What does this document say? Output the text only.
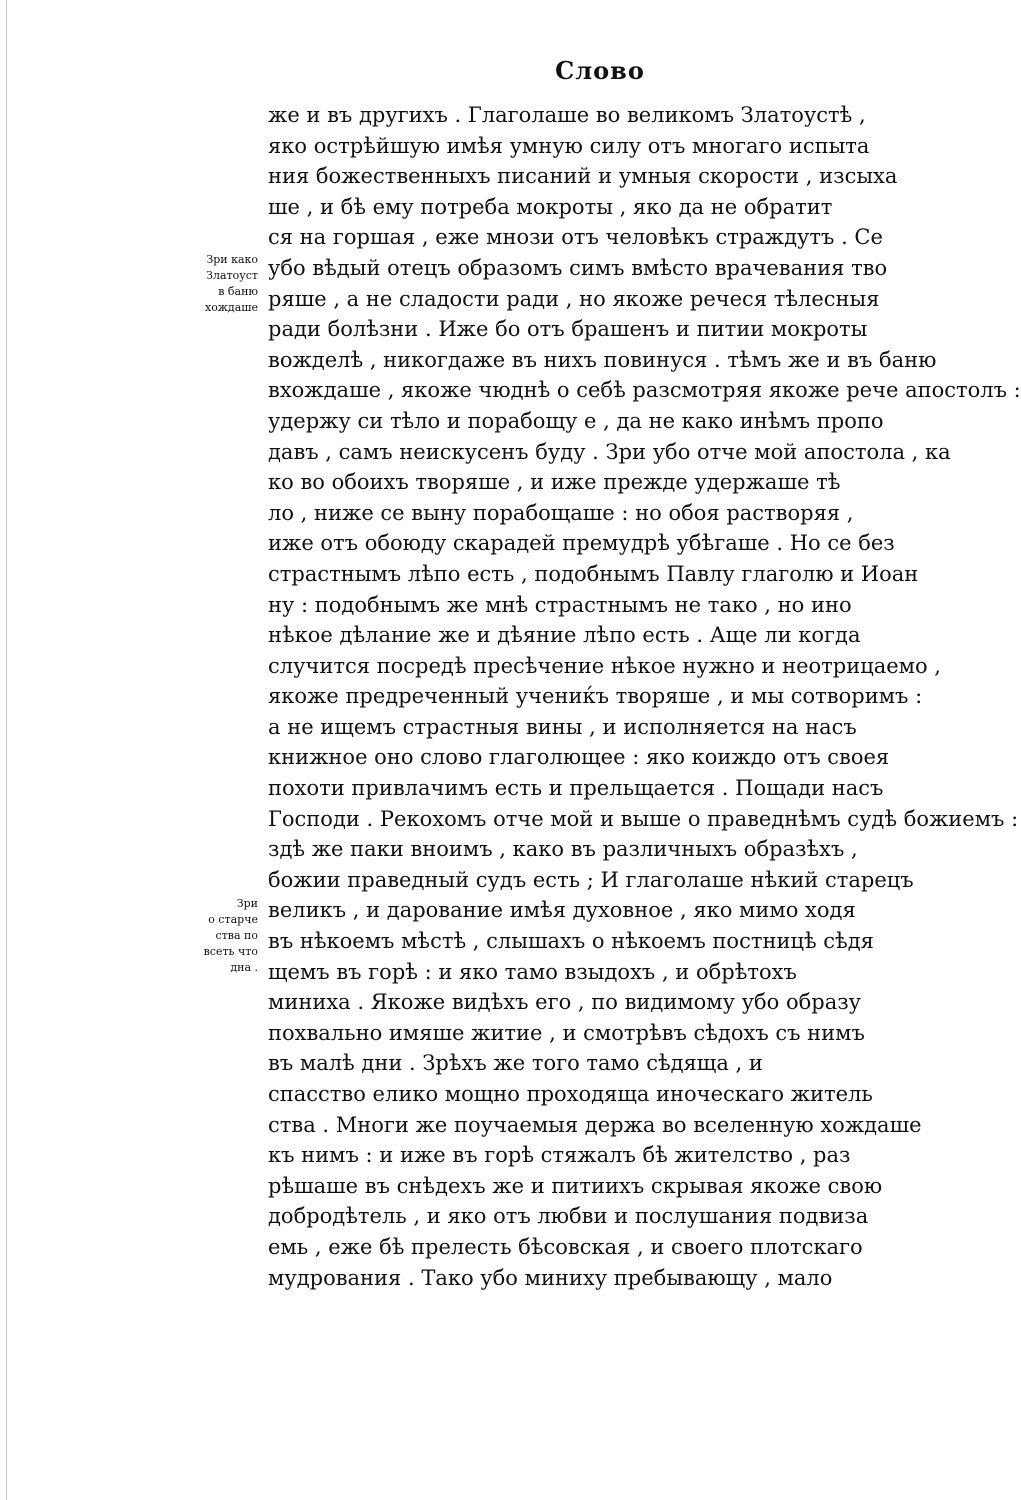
Слово
Зри како
Златоуст
в баню
хождаше
Зри
о старче
ства по
всеть что
дна .
же и въ другихъ . Глаголаше во великомъ Златоустѣ ,
яко острѣйшую имѣя умную силу отъ многаго испыта
ния божественныхъ писаний и умныя скорости , изсыха
ше , и бѣ ему потреба мокроты , яко да не обратит
ся на горшая , еже мнози отъ человѣкъ страждутъ . Се
убо вѣдый отецъ образомъ симъ вмѣсто врачевания тво
ряше , а не сладости ради , но якоже речеся тѣлесныя
ради болѣзни . Иже бо отъ брашенъ и питии мокроты
вожделѣ , никогдаже въ нихъ повинуся . тѣмъ же и въ баню
вхождаше , якоже чюднѣ о себѣ разсмотряя якоже рече апостолъ :
удержу си тѣло и порабощу е , да не како инѣмъ пропо
давъ , самъ неискусенъ буду . Зри убо отче мой апостола , ка
ко во обоихъ творяше , и иже прежде удержаше тѣ
ло , ниже се выну порабощаше : но обоя растворяя ,
иже отъ обоюду скарадей премудрѣ убѣгаше . Но се без
страстнымъ лѣпо есть , подобнымъ Павлу глаголю и Иоан
ну : подобнымъ же мнѣ страстнымъ не тако , но ино
нѣкое дѣлание же и дѣяние лѣпо есть . Аще ли когда
случится посредѣ пресѣчение нѣкое нужно и неотрицаемо ,
якоже предреченный учениќъ творяше , и мы сотворимъ :
а не ищемъ страстныя вины , и исполняется на насъ
книжное оно слово глаголющее : яко коиждо отъ своея
похоти привлачимъ есть и прельщается . Пощади насъ
Господи . Рекохомъ отче мой и выше о праведнѣмъ судѣ божиемъ :
здѣ же паки вноимъ , како въ различныхъ образѣхъ ,
божии праведный судъ есть ; И глаголаше нѣкий старецъ
великъ , и дарование имѣя духовное , яко мимо ходя
въ нѣкоемъ мѣстѣ , слышахъ о нѣкоемъ постницѣ сѣдя
щемъ въ горѣ : и яко тамо взыдохъ , и обрѣтохъ
миниха . Якоже видѣхъ его , по видимому убо образу
похвально имяше житие , и смотрѣвъ сѣдохъ съ нимъ
въ малѣ дни . Зрѣхъ же того тамо сѣдяща , и
спасство елико мощно проходяща иноческаго житель
ства . Многи же поучаемыя держа во вселенную хождаше
къ нимъ : и иже въ горѣ стяжалъ бѣ жителство , раз
рѣшаше въ снѣдехъ же и питиихъ скрывая якоже свою
добродѣтель , и яко отъ любви и послушания подвиза
емь , еже бѣ прелесть бѣсовская , и своего плотскаго
мудрования . Тако убо миниху пребывающу , мало
